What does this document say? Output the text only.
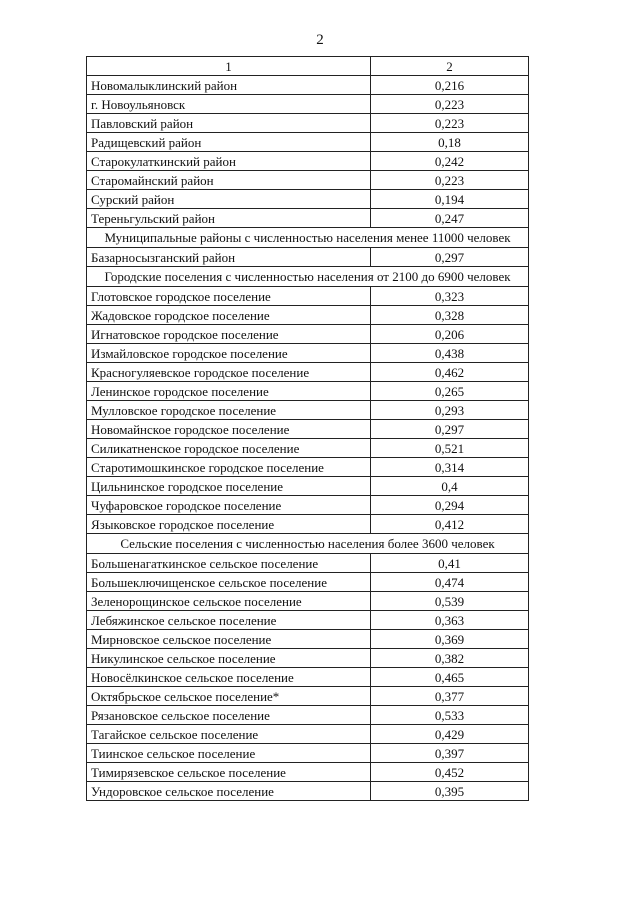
2
1	2
Новомалыклинский район	0,216
г. Новоульяновск	0,223
Павловский район	0,223
Радищевский район	0,18
Старокулаткинский район	0,242
Старомайнский район	0,223
Сурский район	0,194
Тереньгульский район	0,247
Муниципальные районы с численностью населения менее 11000 человек	
Базарносызганский район	0,297
Городские поселения с численностью населения от 2100 до 6900 человек	
Глотовское городское поселение	0,323
Жадовское городское поселение	0,328
Игнатовское городское поселение	0,206
Измайловское городское поселение	0,438
Красногуляевское городское поселение	0,462
Ленинское городское поселение	0,265
Мулловское городское поселение	0,293
Новомайнское городское поселение	0,297
Силикатненское городское поселение	0,521
Старотимошкинское городское поселение	0,314
Цильнинское городское поселение	0,4
Чуфаровское городское поселение	0,294
Языковское городское поселение	0,412
Сельские поселения с численностью населения более 3600 человек	
Большенагаткинское сельское поселение	0,41
Большеключищенское сельское поселение	0,474
Зеленорощинское сельское поселение	0,539
Лебяжинское сельское поселение	0,363
Мирновское сельское поселение	0,369
Никулинское сельское поселение	0,382
Новосёлкинское сельское поселение	0,465
Октябрьское сельское поселение*	0,377
Рязановское сельское поселение	0,533
Тагайское сельское поселение	0,429
Тиинское сельское поселение	0,397
Тимирязевское сельское поселение	0,452
Ундоровское сельское поселение	0,395
